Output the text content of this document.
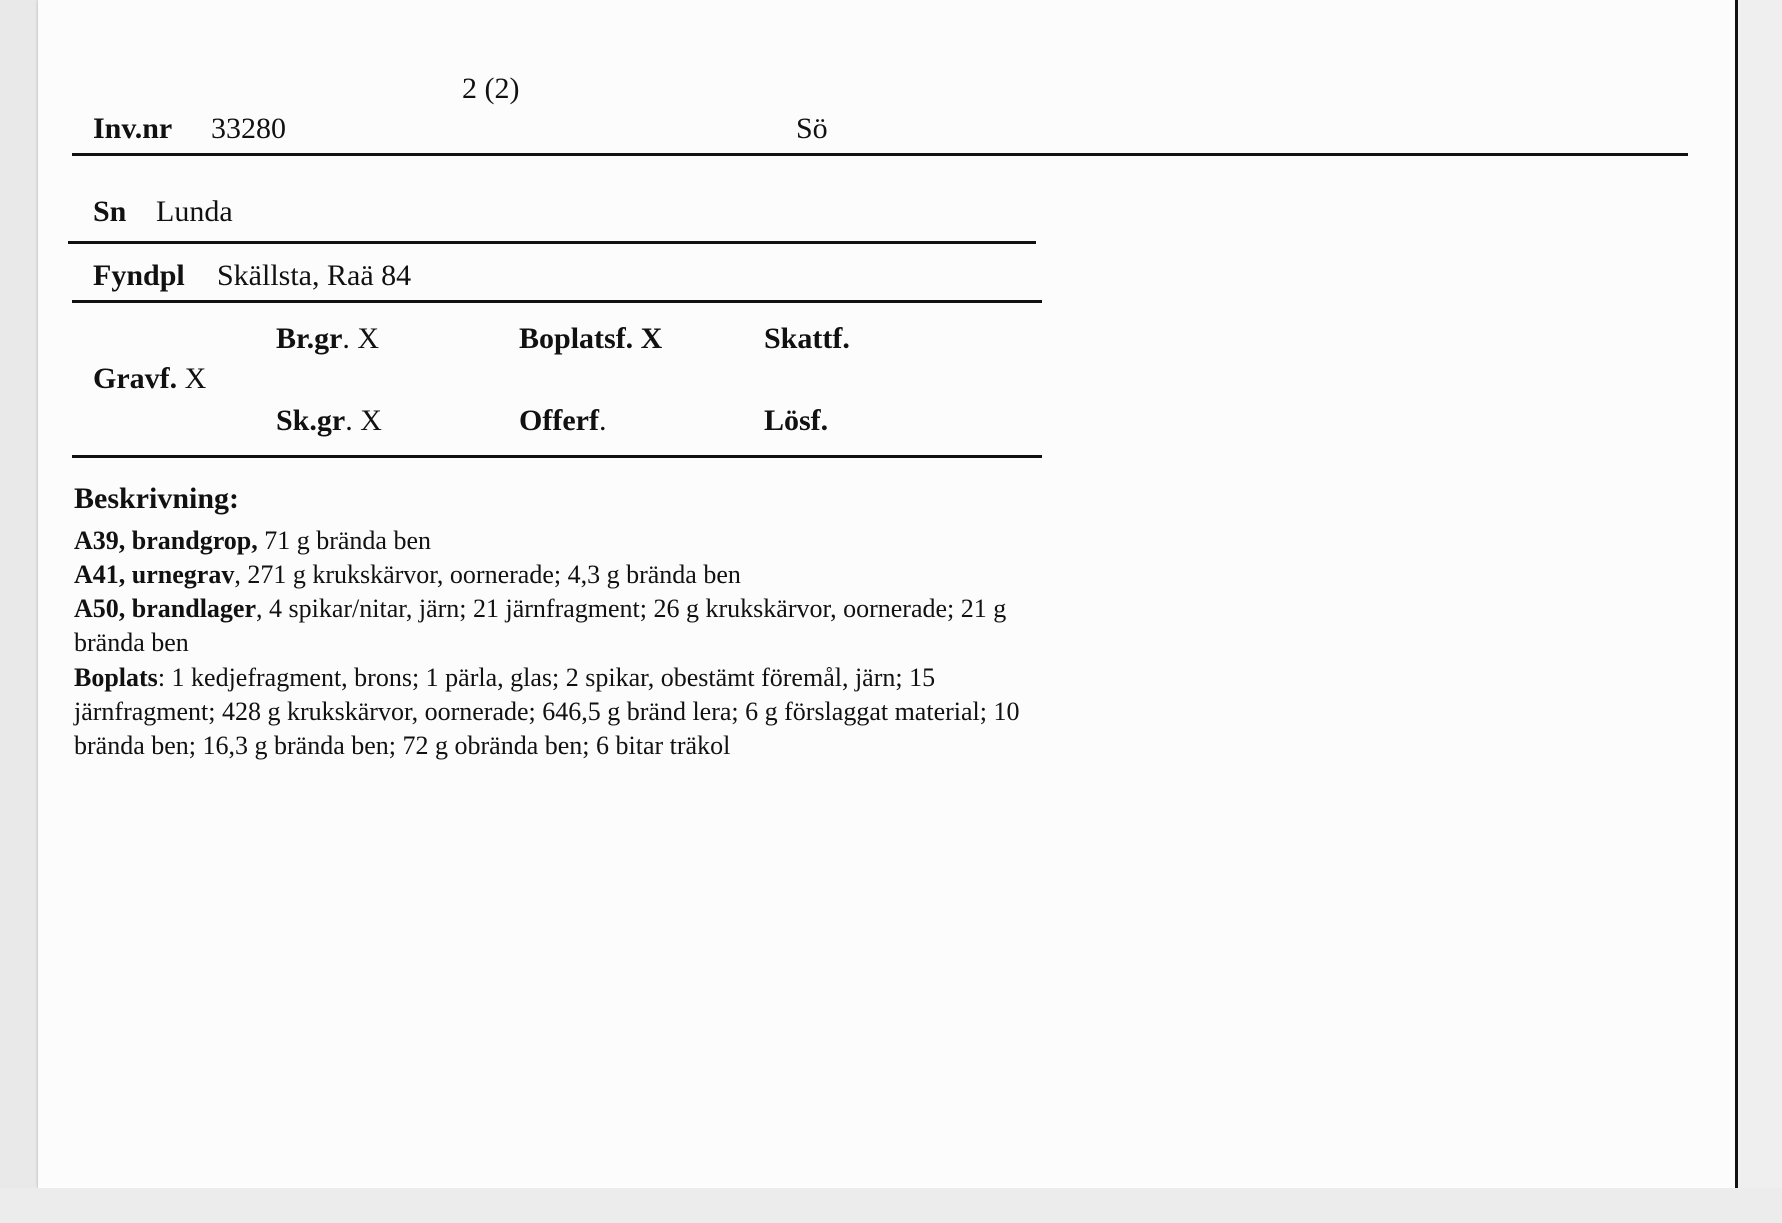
2 (2)
Inv.nr 33280	Sö
Sn Lunda
Fyndpl Skällsta, Raä 84
Br.gr. X	Boplatsf. X	Skattf.
Gravf. X
Sk.gr. X	Offerf.	Lösf.
Beskrivning:
A39, brandgrop, 71 g brända ben
A41, urnegrav, 271 g krukskärvor, oornerade; 4,3 g brända ben
A50, brandlager, 4 spikar/nitar, järn; 21 järnfragment; 26 g krukskärvor, oornerade; 21 g
brända ben
Boplats: 1 kedjefragment, brons; 1 pärla, glas; 2 spikar, obestämt föremål, järn; 15
järnfragment; 428 g krukskärvor, oornerade; 646,5 g bränd lera; 6 g förslaggat material; 10
brända ben; 16,3 g brända ben; 72 g obrända ben; 6 bitar träkol
